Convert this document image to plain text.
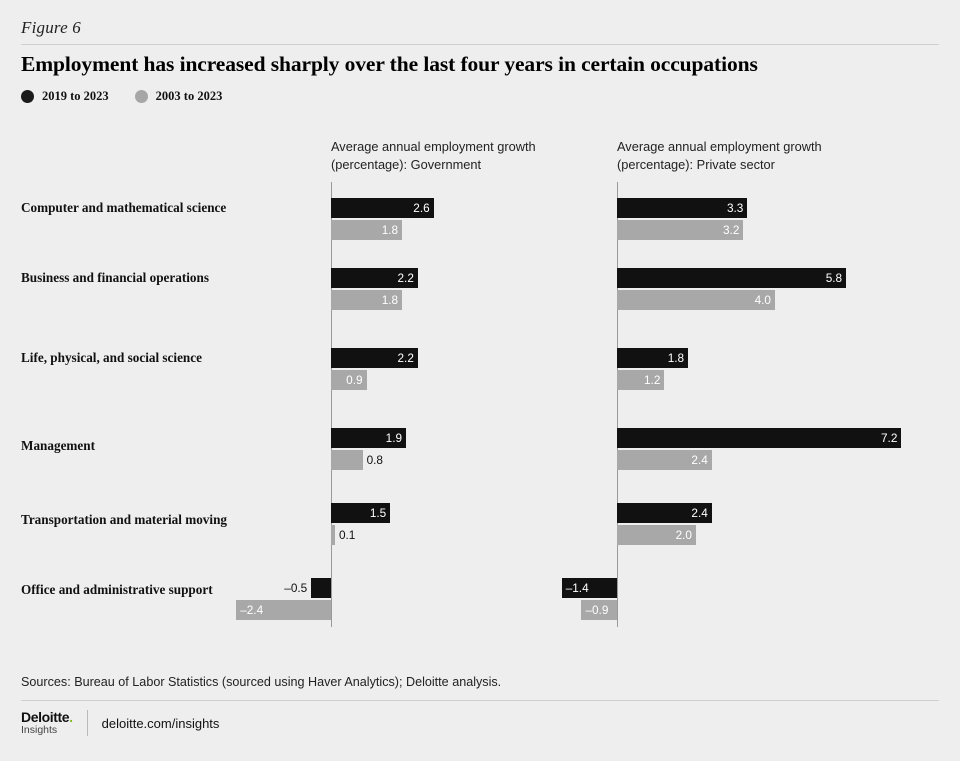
Figure 6
Employment has increased sharply over the last four years in certain occupations
2019 to 2023	2003 to 2023
Average annual employment growth (percentage): Government
Average annual employment growth (percentage): Private sector
Computer and mathematical science
Business and financial operations
Life, physical, and social science
Management
Transportation and material moving
Office and administrative support
2.6
2.2
2.2
1.9
1.5
–0.5
1.8
1.8
0.9
0.8
0.1
–2.4
3.3
5.8
1.8
7.2
2.4
–1.4
3.2
4.0
1.2
2.4
2.0
–0.9
Sources: Bureau of Labor Statistics (sourced using Haver Analytics); Deloitte analysis.
Deloitte.
Insights	deloitte.com/insights
